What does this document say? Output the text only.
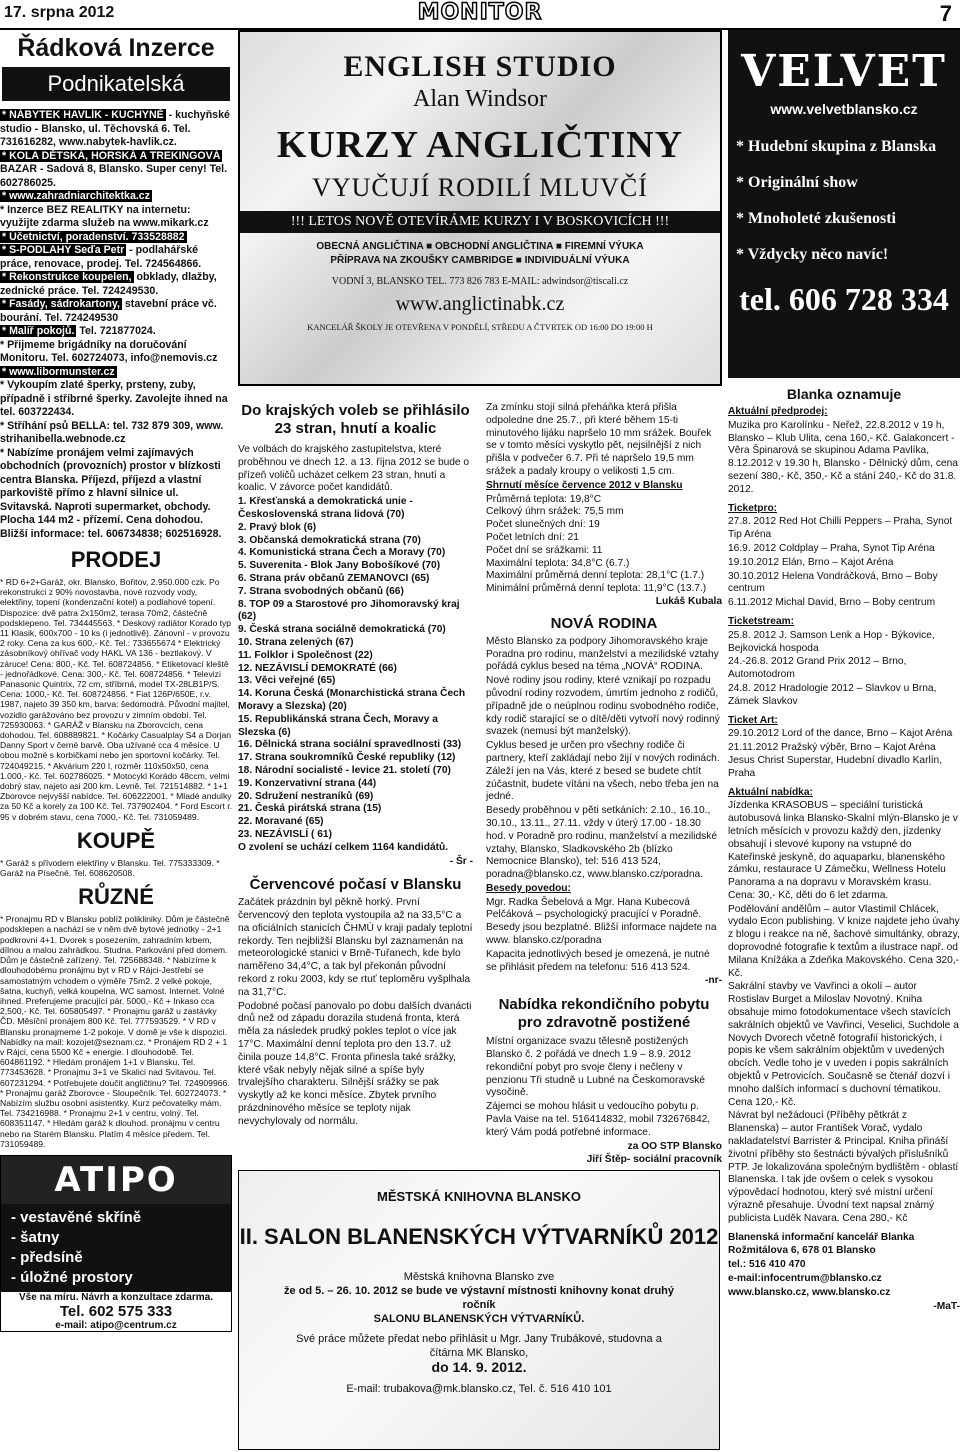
17. srpna 2012	MONITOR	7
Řádková Inzerce
Podnikatelská

* NÁBYTEK HAVLÍK - KUCHYNĚ - kuchyňské studio - Blansko, ul. Těchovská 6. Tel. 731616282, www.nabytek-havlik.cz.

* KOLA DĚTSKÁ, HORSKÁ A TREKINGOVÁ BAZAR - Sadová 8, Blansko. Super ceny! Tel. 602786025.

* www.zahradniarchitektka.cz

* Inzerce BEZ REALITKY na internetu: využijte zdarma služeb na www.mikark.cz

* Účetnictví, poradenství. 733528882

* S-PODLAHY Seďa Petr - podlahářské práce, renovace, prodej. Tel. 724564866.

* Rekonstrukce koupelen, obklady, dlažby, zednické práce. Tel. 724249530.

* Fasády, sádrokartony, stavební práce vč. bourání. Tel. 724249530

* Malíř pokojů. Tel. 721877024.

* Přijmeme brigádníky na doručování Monitoru. Tel. 602724073, info@nemovis.cz

* www.libormunster.cz

* Vykoupím zlaté šperky, prsteny, zuby, případně i stříbrné šperky. Zavolejte ihned na tel. 603722434.

* Stříhání psů BELLA: tel. 732 879 309, www. strihanibella.webnode.cz

* Nabízíme pronájem velmi zajímavých obchodních (provozních) prostor v blízkosti centra Blanska. Příjezd, příjezd a vlastní parkoviště přímo z hlavní silnice ul. Svitavská. Naproti supermarket, obchody. Plocha 144 m2 - přízemí. Cena dohodou. Bližší informace: tel. 606734838; 602516928.

PRODEJ

* RD 6+2+Garáž, okr. Blansko, Bořitov, 2.950.000 czk. Po rekonstrukci z 90% novostavba, nové rozvody vody, elektřiny, topení (kondenzační kotel) a podlahové topení. Dispozice: dvě patra 2x150m2, terasa 70m2, částečně podsklepeno. Tel. 734445563. * Deskový radiátor Korado typ 11 Klasik, 600x700 - 10 ks (i jednotlivě). Zánovní - v provozu 2 roky. Cena za kus 600,- Kč. Tel.: 733655674 * Elektrický zásobníkový ohřívač vody HAKL VA 136 - beztlakový. V záruce! Cena: 800,- Kč. Tel. 608724856. * Etiketovací kleště - jednořádkové. Cena: 300,- Kč. Tel. 608724856. * Televizi Panasonic Quintrix, 72 cm, stříbrná, model TX-28LB1P/S. Cena: 1000,- Kč. Tel. 608724856. * Fiat 126P/650E, r.v. 1987, najeto 39 350 km, barva: šedomodrá. Původní majitel, vozidlo garážováno bez provozu v zimním období. Tel. 725930063. * GARÁŽ v Blansku na Zborovcích, cena dohodou. Tel. 608889821. * Kočárky Casualplay S4 a Dorjan Danny Sport v černé barvě. Oba užívané cca 4 měsíce. U obou možné s korbičkami nebo jen sportovní kočárky. Tel. 724049215. * Akvárium 220 l, rozměr 110x50x50, cena 1.000,- Kč. Tel. 602786025. * Motocykl Korádo 48ccm, velmi dobrý stav, najeto asi 200 km. Levně. Tel. 721514882. * 1+1 Zborovce nejvyšší nabídce. Tel. 606222001. * Mladé andulky za 50 Kč a korely za 100 Kč. Tel. 737902404. * Ford Escort r. 95 v dobrém stavu, cena 7000,- Kč. Tel. 731059489.

KOUPĚ

* Garáž s přívodem elektřiny v Blansku. Tel. 775333309. * Garáž na Písečné. Tel. 608620508.

RŮZNÉ

* Pronajmu RD v Blansku poblíž polikliniky. Dům je částečně podsklepen a nachází se v něm dvě bytové jednotky - 2+1 podkrovní 4+1. Dvorek s posezením, zahradním krbem, dílnou a malou zahrádkou. Studna. Parkování před domem. Dům je částečně zařízený. Tel. 725688348. * Nabízíme k dlouhodobému pronájmu byt v RD v Rájci-Jestřebí se samostatným vchodem o výměře 75m2. 2 velké pokoje, šatna, kuchyň, velká koupelna, WC samost. Internet. Volné ihned. Preferujeme pracující pár. 5000,- Kč + Inkaso cca 2,500,- Kč. Tel. 605805497. * Pronajmu garáž u zastávky ČD. Měsíční pronájem 800 Kč. Tel. 777593529. * V RD v Blansku pronajmeme 1-2 pokoje. V domě je vše k dispozici. Nabídky na mail: kozojet@seznam.cz. * Pronájem RD 2 + 1 v Rájci, cena 5500 Kč + energie. I dlouhodobě. Tel. 604861192. * Hledám pronájem 1+1 v Blansku. Tel. 773453628. * Pronajmu 3+1 ve Skalici nad Svitavou. Tel. 607231294. * Potřebujete doučit angličtinu? Tel. 724909966. * Pronajmu garáž Zborovce - Sloupečník. Tel. 602724073. * Nabízím službu osobní asistentky. Kurz pečovatelky mám. Tel. 734216988. * Pronajmu 2+1 v centru, volný. Tel. 608351147. * Hledám garáž k dlouhod. pronájmu v centru nebo na Starém Blansku. Platím 4 měsíce předem. Tel. 731059489.

ATIPO
- vestavěné skříně
- šatny
- předsíně
- úložné prostory
Vše na míru. Návrh a konzultace zdarma.
Tel. 602 575 333
e-mail: atipo@centrum.cz
ENGLISH STUDIO
Alan Windsor
KURZY ANGLIČTINY
VYUČUJÍ RODILÍ MLUVČÍ
!!! LETOS NOVĚ OTEVÍRÁME KURZY I V BOSKOVICÍCH !!!
OBECNÁ ANGLIČTINA ■ OBCHODNÍ ANGLIČTINA ■ FIREMNÍ VÝUKA
PŘÍPRAVA NA ZKOUŠKY CAMBRIDGE ■ INDIVIDUÁLNÍ VÝUKA
VODNÍ 3, BLANSKO TEL. 773 826 783 E-MAIL: adwindsor@tiscali.cz
www.anglictinabk.cz
KANCELÁŘ ŠKOLY JE OTEVŘENA V PONDĚLÍ, STŘEDU A ČTVRTEK OD 16:00 DO 19:00 H
Do krajských voleb se přihlásilo 23 stran, hnutí a koalic

Ve volbách do krajského zastupitelstva, které proběhnou ve dnech 12. a 13. října 2012 se bude o přízeň voličů ucházet celkem 23 stran, hnutí a koalic. V závorce počet kandidátů.

1. Křesťanská a demokratická unie - Československá strana lidová (70)
2. Pravý blok (6)
3. Občanská demokratická strana (70)
4. Komunistická strana Čech a Moravy (70)
5. Suverenita - Blok Jany Bobošíkové (70)
6. Strana práv občanů ZEMANOVCI (65)
7. Strana svobodných občanů (66)
8. TOP 09 a Starostové pro Jihomoravský kraj (62)
9. Česká strana sociálně demokratická (70)
10. Strana zelených (67)
11. Folklor i Společnost (22)
12. NEZÁVISLÍ DEMOKRATÉ (66)
13. Věci veřejné (65)
14. Koruna Česká (Monarchistická strana Čech Moravy a Slezska) (20)
15. Republikánská strana Čech, Moravy a Slezska (6)
16. Dělnická strana sociální spravedlnosti (33)
17. Strana soukromníků České republiky (12)
18. Národní socialisté - levice 21. století (70)
19. Konzervativní strana (44)
20. Sdružení nestraníků (69)
21. Česká pirátská strana (15)
22. Moravané (65)
23. NEZÁVISLÍ ( 61)

O zvolení se uchází celkem 1164 kandidátů.

- Šr -

Červencové počasí v Blansku

Začátek prázdnin byl pěkně horký. První červencový den teplota vystoupila až na 33,5°C a na oficiálních stanicích ČHMÚ v kraji padaly teplotní rekordy. Ten nejbližší Blansku byl zaznamenán na meteorologické stanici v Brně-Tuřanech, kde bylo naměřeno 34,4°C, a tak byl překonán původní rekord z roku 2003, kdy se rtuť teploměru vyšplhala na 31,7°C.

Podobné počasí panovalo po dobu dalších dvanácti dnů než od západu dorazila studená fronta, která měla za následek prudký pokles teplot o více jak 17°C. Maximální denní teplota pro den 13.7. už činila pouze 14,8°C. Fronta přinesla také srážky, které však nebyly nějak silné a spíše byly trvalejšího charakteru. Silnější srážky se pak vyskytly až ke konci měsíce. Zbytek prvního prázdninového měsíce se teploty nijak nevychylovaly od normálu.

Za zmínku stojí silná přeháňka která přišla odpoledne dne 25.7., při které během 15-ti minutového lijáku napršelo 10 mm srážek. Bouřek se v tomto měsíci vyskytlo pět, nejsilnější z nich přišla v podvečer 6.7. Při té napršelo 19,5 mm srážek a padaly kroupy o velikosti 1,5 cm.

Shrnutí měsíce července 2012 v Blansku

Průměrná teplota: 19,8°C
Celkový úhrn srážek: 75,5 mm
Počet slunečných dní: 19
Počet letních dní: 21
Počet dní se srážkami: 11
Maximální teplota: 34,8°C (6.7.)
Maximální průměrná denní teplota: 28,1°C (1.7.)
Minimální průměrná denní teplota: 11,9°C (13.7.)

Lukáš Kubala

NOVÁ RODINA

Město Blansko za podpory Jihomoravského kraje Poradna pro rodinu, manželství a mezilidské vztahy pořádá cyklus besed na téma „NOVÁ“ RODINA.

Nové rodiny jsou rodiny, které vznikají po rozpadu původní rodiny rozvodem, úmrtím jednoho z rodičů, případně jde o neúplnou rodinu svobodného rodiče, kdy rodič starající se o dítě/děti vytvoří nový rodinný svazek (nemusí být manželský).

Cyklus besed je určen pro všechny rodiče či partnery, kteří zakládají nebo žijí v nových rodinách. Záleží jen na Vás, které z besed se budete chtít zúčastnit, budete vítáni na všech, nebo třeba jen na jedné.

Besedy proběhnou v pěti setkáních: 2.10., 16.10., 30.10., 13.11., 27.11. vždy v úterý 17.00 - 18.30 hod. v Poradně pro rodinu, manželství a mezilidské vztahy, Blansko, Sladkovského 2b (blízko Nemocnice Blansko), tel: 516 413 524, poradna@blansko.cz, www.blansko.cz/poradna.

Besedy povedou:

Mgr. Radka Šebelová a Mgr. Hana Kubecová Pelčáková – psychologický pracující v Poradně. Besedy jsou bezplatné. Bližší informace najdete na www. blansko.cz/poradna

Kapacita jednotlivých besed je omezená, je nutné se přihlásit předem na telefonu: 516 413 524.

-nr-

Nabídka rekondičního pobytu pro zdravotně postižené

Místní organizace svazu tělesně postižených Blansko č. 2 pořádá ve dnech 1.9 – 8.9. 2012 rekondiční pobyt pro svoje členy i nečleny v penzionu Tři studně u Lubné na Českomoravské vysočině.

Zájemci se mohou hlásit u vedoucího pobytu p. Pavla Vaise na tel. 516414832, mobil 732676842, který Vám podá potřebné informace.

za OO STP Blansko

Jiří Štěp- sociální pracovník

MĚSTSKÁ KNIHOVNA BLANSKO
II. SALON BLANENSKÝCH VÝTVARNÍKŮ 2012
Městská knihovna Blansko zve
že od 5. – 26. 10. 2012 se bude ve výstavní místnosti knihovny konat druhý ročník
SALONU BLANENSKÝCH VÝTVARNÍKŮ.
Své práce můžete předat nebo přihlásit u Mgr. Jany Trubákové, studovna a čítárna MK Blansko,
do 14. 9. 2012.
E-mail: trubakova@mk.blansko.cz, Tel. č. 516 410 101
VELVET
www.velvetblansko.cz
* Hudební skupina z Blanska
* Originální show
* Mnoholeté zkušenosti
* Vždycky něco navíc!
tel. 606 728 334
Blanka oznamuje

Aktuální předprodej:

Muzika pro Karolínku - Neřež, 22.8.2012 v 19 h, Blansko – Klub Ulita, cena 160,- Kč. Galakoncert - Věra Špinarová se skupinou Adama Pavlíka, 8.12.2012 v 19.30 h, Blansko - Dělnický dům, cena sezení 380,- Kč, 350,- Kč a stání 240,- Kč do 31.8. 2012.

Ticketpro:

27.8. 2012 Red Hot Chilli Peppers – Praha, Synot Tip Aréna

16.9. 2012 Coldplay – Praha, Synot Tip Aréna

19.10.2012 Elán, Brno – Kajot Aréna

30.10.2012 Helena Vondráčková, Brno – Boby centrum

6.11.2012 Michal David, Brno – Boby centrum

Ticketstream:

25.8. 2012 J. Samson Lenk a Hop - Býkovice, Bejkovická hospoda

24.-26.8. 2012 Grand Prix 2012 – Brno, Automotodrom

24.8. 2012 Hradologie 2012 – Slavkov u Brna, Zámek Slavkov

Ticket Art:

29.10.2012 Lord of the dance, Brno – Kajot Aréna

21.11.2012 Pražský výběr, Brno – Kajot Aréna Jesus Christ Superstar, Hudební divadlo Karlín, Praha

Aktuální nabídka:

Jízdenka KRASOBUS – speciální turistická autobusová linka Blansko-Skalní mlýn-Blansko je v letních měsících v provozu každý den, jízdenky obsahují i slevové kupony na vstupné do Kateřinské jeskyně, do aquaparku, blanenského zámku, restaurace U Zámečku, Wellness Hotelu Panorama a na dopravu v Moravském krasu. Cena: 30,- Kč, děti do 6 let zdarma.

Podělování andělům – autor Vlastimil Chlácek, vydalo Econ publishing. V knize najdete jeho úvahy z blogu i reakce na ně, šachové simultánky, obrazy, doprovodné fotografie k textům a ilustrace např. od Milana Knížáka a Zdeňka Makovského. Cena 320,- Kč.

Sakrální stavby ve Vavřinci a okolí – autor Rostislav Burget a Miloslav Novotný. Kniha obsahuje mimo fotodokumentace všech stavících sakrálních objektů ve Vavřinci, Veselici, Suchdole a Novych Dvorech včetně fotografií historických, i popis ke všem sakrálním objektům v uvedených obcích. Vedle toho je v uveden i popis sakrálních objektů v Petrovicích. Současně se čtenář dozví i mnoho dalších informací s duchovní tématikou. Cena 120,- Kč.

Návrat byl nežádoucí (Příběhy pětkrát z Blanenska) – autor František Vorač, vydalo nakladatelství Barrister & Principal. Kniha přináší životní příběhy sto šestnácti bývalých příslušníků PTP. Je lokalizována společným bydlištěm - oblastí Blanenska. I tak jde ovšem o celek s vysokou výpovědací hodnotou, který své místní určení výrazně přesahuje. Úvodní text napsal známý publicista Luděk Navara. Cena 280,- Kč

Blanenská informační kancelář Blanka

Rožmitálova 6, 678 01 Blansko

tel.: 516 410 470

e-mail:infocentrum@blansko.cz

www.blansko.cz, www.blansko.cz

-MaT-
